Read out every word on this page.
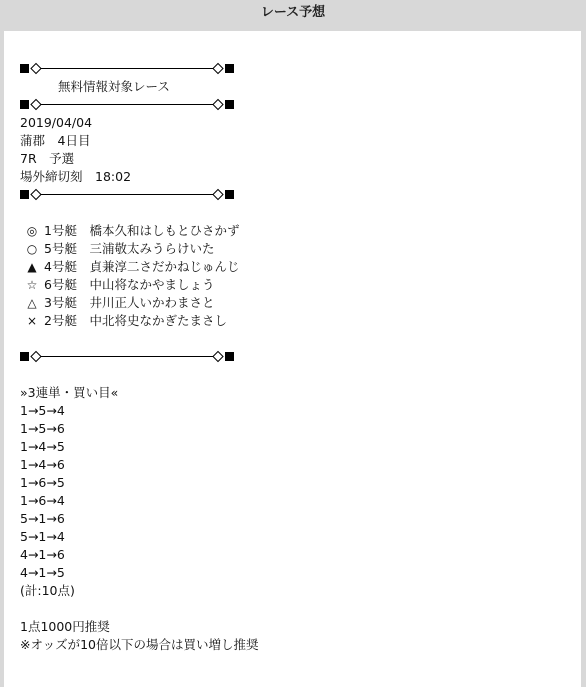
レース予想
無料情報対象レース
2019/04/04
蒲郡　4日目
7R　予選
場外締切刻　18:02
◎ 1号艇　橋本久和はしもとひさかず
○ 5号艇　三浦敬太みうらけいた
▲ 4号艇　貞兼淳二さだかねじゅんじ
☆ 6号艇　中山将なかやましょう
△ 3号艇　井川正人いかわまさと
× 2号艇　中北将史なかぎたまさし
»3連単・買い目«
1→5→4
1→5→6
1→4→5
1→4→6
1→6→5
1→6→4
5→1→6
5→1→4
4→1→6
4→1→5
(計:10点)
1点1000円推奨
※オッズが10倍以下の場合は買い増し推奨
